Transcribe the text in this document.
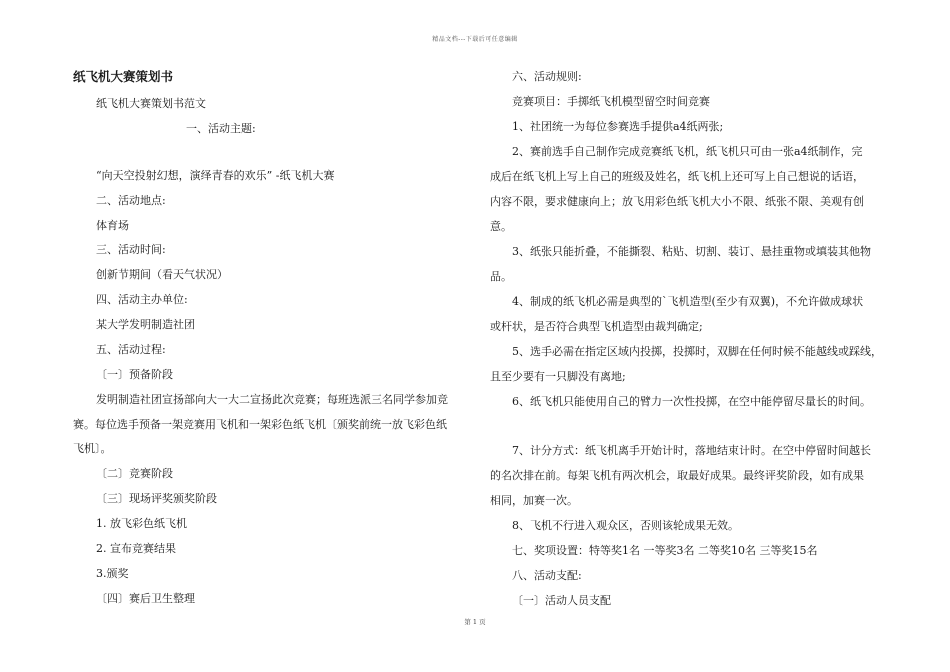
精品文档---下载后可任意编辑
纸飞机大赛策划书
纸飞机大赛策划书范文
一、活动主题:
“向天空投射幻想，演绎青春的欢乐” -纸飞机大赛
二、活动地点:
体育场
三、活动时间:
创新节期间（看天气状况）
四、活动主办单位:
某大学发明制造社团
五、活动过程:
〔一〕预备阶段
发明制造社团宣扬部向大一大二宣扬此次竞赛；每班选派三名同学参加竞
赛。每位选手预备一架竞赛用飞机和一架彩色纸飞机〔颁奖前统一放飞彩色纸
飞机〕。
〔二〕竞赛阶段
〔三〕现场评奖颁奖阶段
1. 放飞彩色纸飞机
2. 宣布竞赛结果
3.颁奖
〔四〕赛后卫生整理
六、活动规则:
竞赛项目：手掷纸飞机模型留空时间竞赛
1、社团统一为每位参赛选手提供a4纸两张;
2、赛前选手自己制作完成竞赛纸飞机，纸飞机只可由一张a4纸制作，完
成后在纸飞机上写上自己的班级及姓名，纸飞机上还可写上自己想说的话语，
内容不限，要求健康向上；放飞用彩色纸飞机大小不限、纸张不限、美观有创
意。
3、纸张只能折叠，不能撕裂、粘贴、切割、装订、悬挂重物或填装其他物
品。
4、制成的纸飞机必需是典型的`飞机造型(至少有双翼)，不允许做成球状
或杆状，是否符合典型飞机造型由裁判确定;
5、选手必需在指定区域内投掷，投掷时，双脚在任何时候不能越线或踩线，
且至少要有一只脚没有离地;
6、纸飞机只能使用自己的臂力一次性投掷，在空中能停留尽量长的时间。
7、计分方式：纸飞机离手开始计时，落地结束计时。在空中停留时间越长
的名次排在前。每架飞机有两次机会，取最好成果。最终评奖阶段，如有成果
相同，加赛一次。
8、飞机不行进入观众区，否则该轮成果无效。
七、奖项设置：特等奖1名 一等奖3名 二等奖10名 三等奖15名
八、活动支配:
〔一〕活动人员支配
第 1 页
